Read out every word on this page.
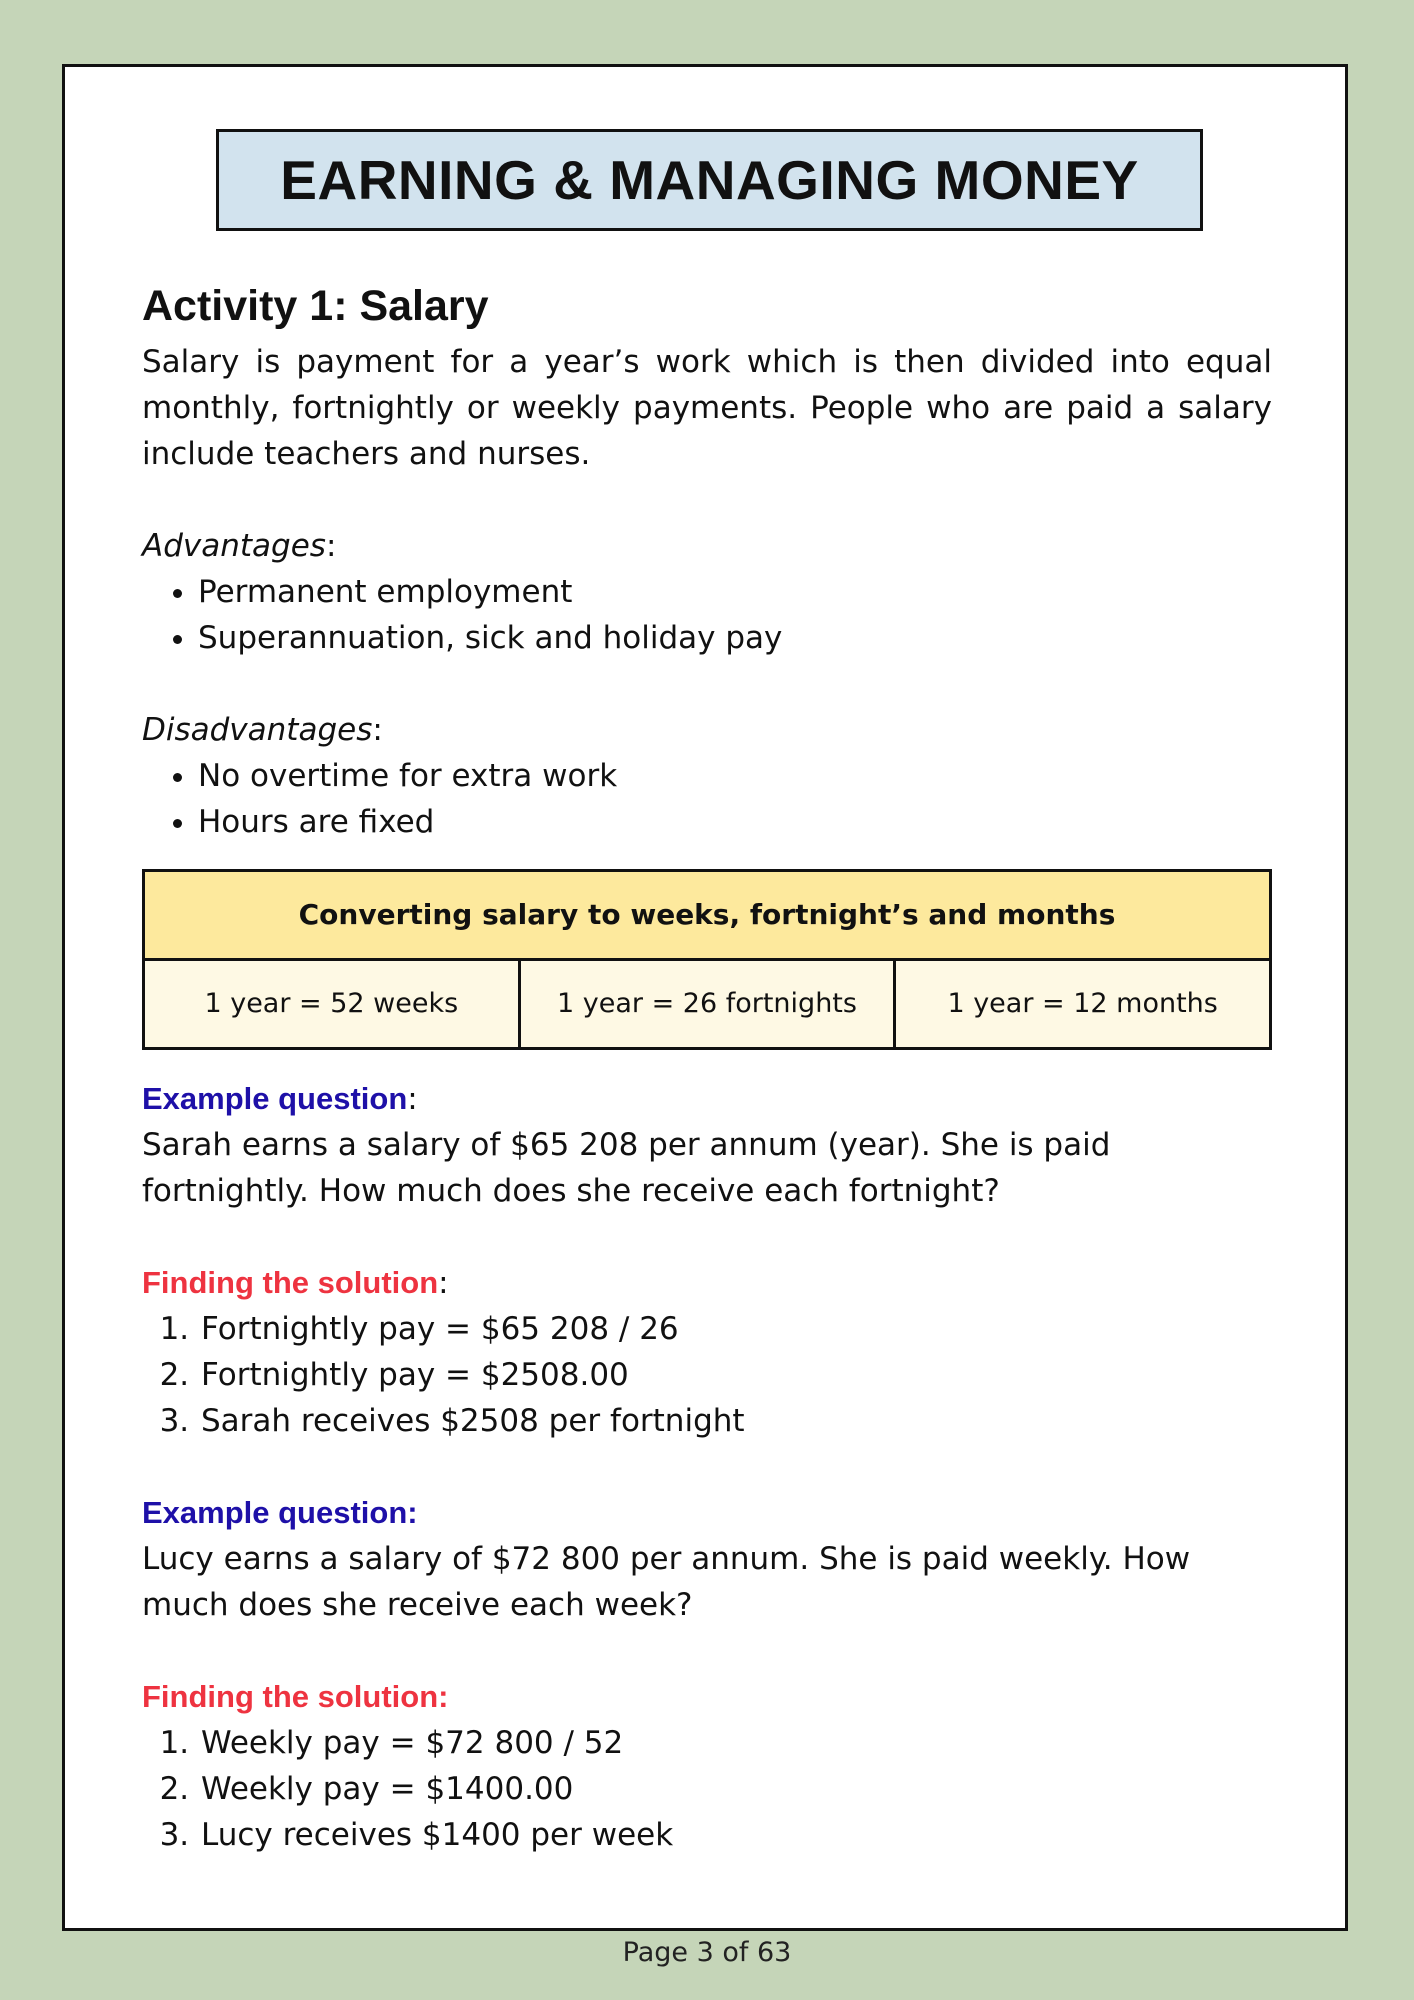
EARNING & MANAGING MONEY
Activity 1: Salary

Salary is payment for a year’s work which is then divided into equal monthly, fortnightly or weekly payments. People who are paid a salary include teachers and nurses.

Advantages:

• Permanent employment
• Superannuation, sick and holiday pay

Disadvantages:

• No overtime for extra work
• Hours are fixed
Converting salary to weeks, fortnight’s and months
1 year = 52 weeks	1 year = 26 fortnights	1 year = 12 months

Example question:

Sarah earns a salary of $65 208 per annum (year). She is paid fortnightly. How much does she receive each fortnight?

Finding the solution:

1. Fortnightly pay = $65 208 / 26
2. Fortnightly pay = $2508.00
3. Sarah receives $2508 per fortnight

Example question:

Lucy earns a salary of $72 800 per annum. She is paid weekly. How much does she receive each week?

Finding the solution:

1. Weekly pay = $72 800 / 52
2. Weekly pay = $1400.00
3. Lucy receives $1400 per week
Page 3 of 63
